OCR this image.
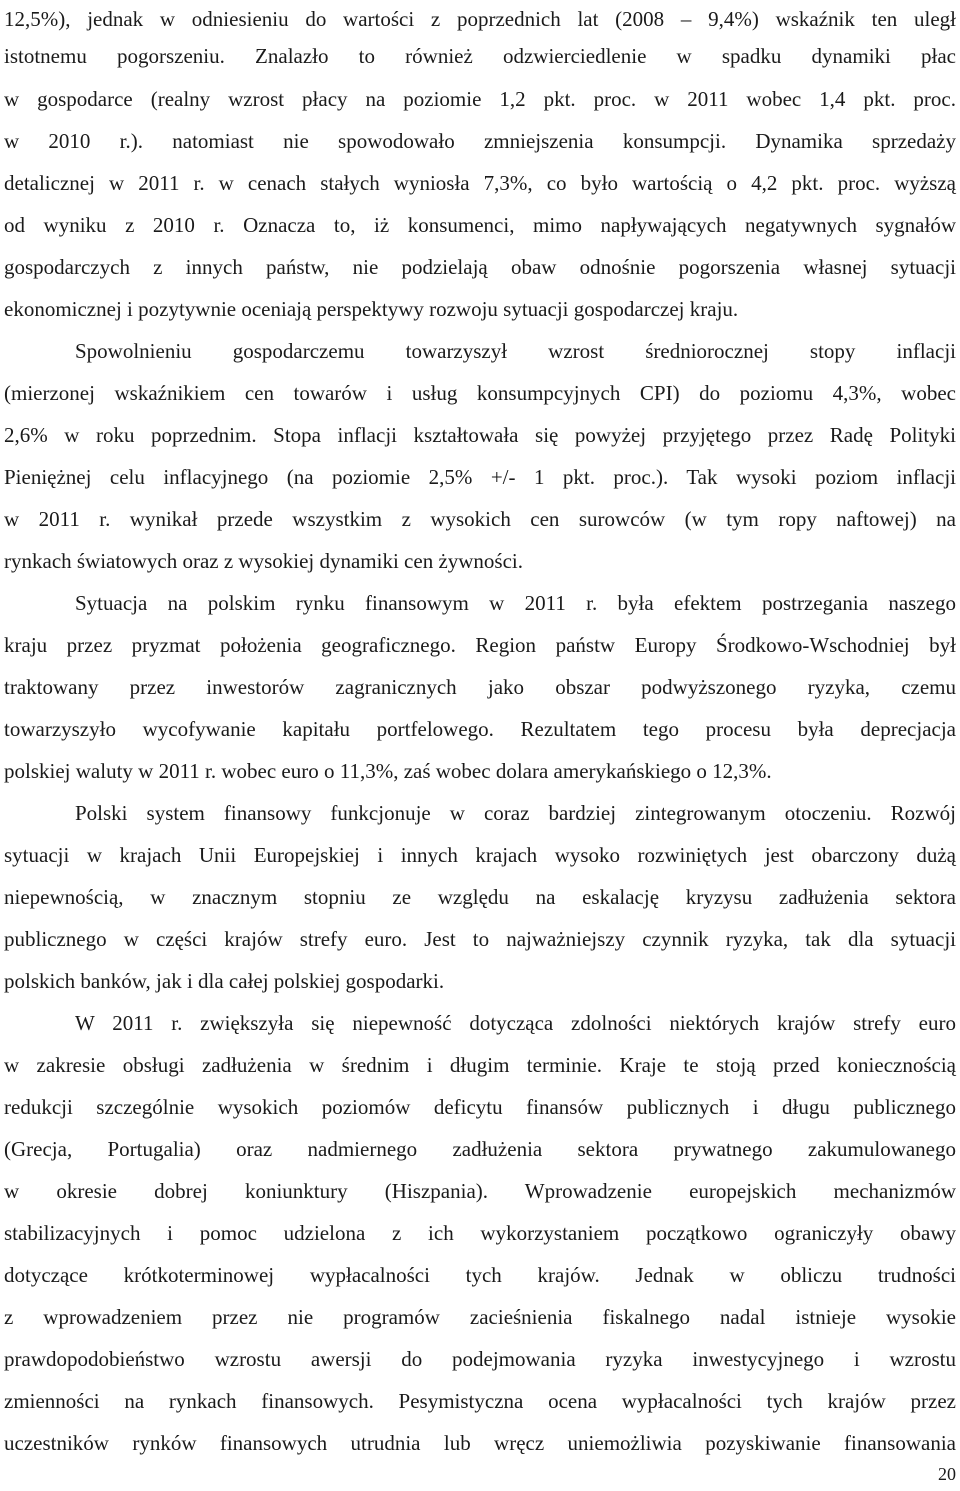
12,5%), jednak w odniesieniu do wartości z poprzednich lat (2008 – 9,4%) wskaźnik ten uległ
istotnemu pogorszeniu. Znalazło to również odzwierciedlenie w spadku dynamiki płac
w gospodarce (realny wzrost płacy na poziomie 1,2 pkt. proc. w 2011 wobec 1,4 pkt. proc.
w 2010 r.). natomiast nie spowodowało zmniejszenia konsumpcji. Dynamika sprzedaży
detalicznej w 2011 r. w cenach stałych wyniosła 7,3%, co było wartością o 4,2 pkt. proc. wyższą
od wyniku z 2010 r. Oznacza to, iż konsumenci, mimo napływających negatywnych sygnałów
gospodarczych z innych państw, nie podzielają obaw odnośnie pogorszenia własnej sytuacji
ekonomicznej i pozytywnie oceniają perspektywy rozwoju sytuacji gospodarczej kraju.
Spowolnieniu gospodarczemu towarzyszył wzrost średniorocznej stopy inflacji
(mierzonej wskaźnikiem cen towarów i usług konsumpcyjnych CPI) do poziomu 4,3%, wobec
2,6% w roku poprzednim. Stopa inflacji kształtowała się powyżej przyjętego przez Radę Polityki
Pieniężnej celu inflacyjnego (na poziomie 2,5% +/- 1 pkt. proc.). Tak wysoki poziom inflacji
w 2011 r. wynikał przede wszystkim z wysokich cen surowców (w tym ropy naftowej) na
rynkach światowych oraz z wysokiej dynamiki cen żywności.
Sytuacja na polskim rynku finansowym w 2011 r. była efektem postrzegania naszego
kraju przez pryzmat położenia geograficznego. Region państw Europy Środkowo-Wschodniej był
traktowany przez inwestorów zagranicznych jako obszar podwyższonego ryzyka, czemu
towarzyszyło wycofywanie kapitału portfelowego. Rezultatem tego procesu była deprecjacja
polskiej waluty w 2011 r. wobec euro o 11,3%, zaś wobec dolara amerykańskiego o 12,3%.
Polski system finansowy funkcjonuje w coraz bardziej zintegrowanym otoczeniu. Rozwój
sytuacji w krajach Unii Europejskiej i innych krajach wysoko rozwiniętych jest obarczony dużą
niepewnością, w znacznym stopniu ze względu na eskalację kryzysu zadłużenia sektora
publicznego w części krajów strefy euro. Jest to najważniejszy czynnik ryzyka, tak dla sytuacji
polskich banków, jak i dla całej polskiej gospodarki.
W 2011 r. zwiększyła się niepewność dotycząca zdolności niektórych krajów strefy euro
w zakresie obsługi zadłużenia w średnim i długim terminie. Kraje te stoją przed koniecznością
redukcji szczególnie wysokich poziomów deficytu finansów publicznych i długu publicznego
(Grecja, Portugalia) oraz nadmiernego zadłużenia sektora prywatnego zakumulowanego
w okresie dobrej koniunktury (Hiszpania). Wprowadzenie europejskich mechanizmów
stabilizacyjnych i pomoc udzielona z ich wykorzystaniem początkowo ograniczyły obawy
dotyczące krótkoterminowej wypłacalności tych krajów. Jednak w obliczu trudności
z wprowadzeniem przez nie programów zacieśnienia fiskalnego nadal istnieje wysokie
prawdopodobieństwo wzrostu awersji do podejmowania ryzyka inwestycyjnego i wzrostu
zmienności na rynkach finansowych. Pesymistyczna ocena wypłacalności tych krajów przez
uczestników rynków finansowych utrudnia lub wręcz uniemożliwia pozyskiwanie finansowania
20
